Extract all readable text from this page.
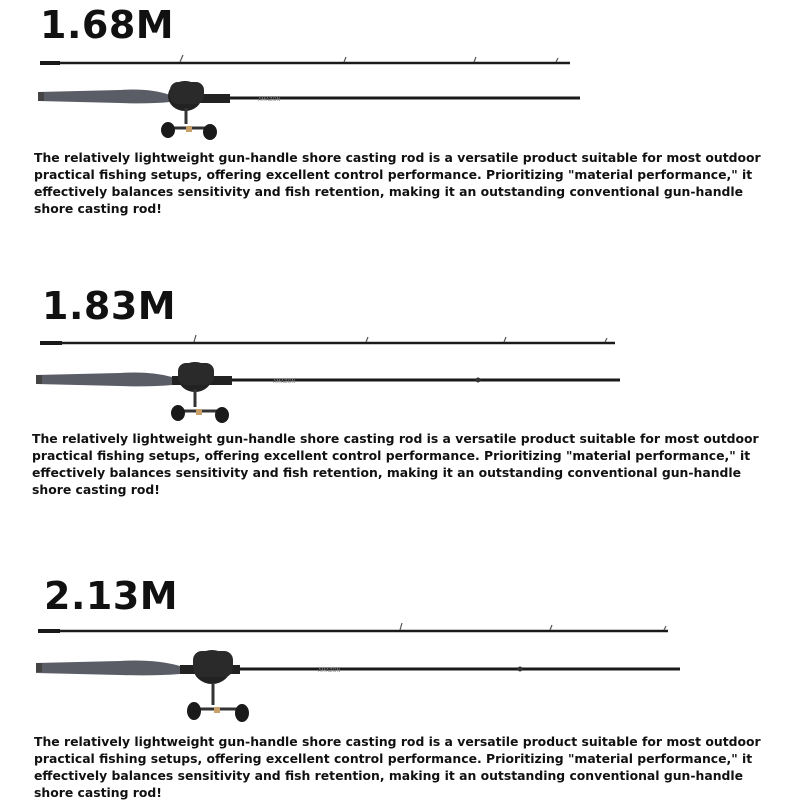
1.68M
AMAZON

The relatively lightweight gun-handle shore casting rod is a versatile product suitable for most outdoor practical fishing setups, offering excellent control performance. Prioritizing "material performance," it effectively balances sensitivity and fish retention, making it an outstanding conventional gun-handle shore casting rod!

1.83M
AMAZON

The relatively lightweight gun-handle shore casting rod is a versatile product suitable for most outdoor practical fishing setups, offering excellent control performance. Prioritizing "material performance," it effectively balances sensitivity and fish retention, making it an outstanding conventional gun-handle shore casting rod!

2.13M
AMAZON

The relatively lightweight gun-handle shore casting rod is a versatile product suitable for most outdoor practical fishing setups, offering excellent control performance. Prioritizing "material performance," it effectively balances sensitivity and fish retention, making it an outstanding conventional gun-handle shore casting rod!
